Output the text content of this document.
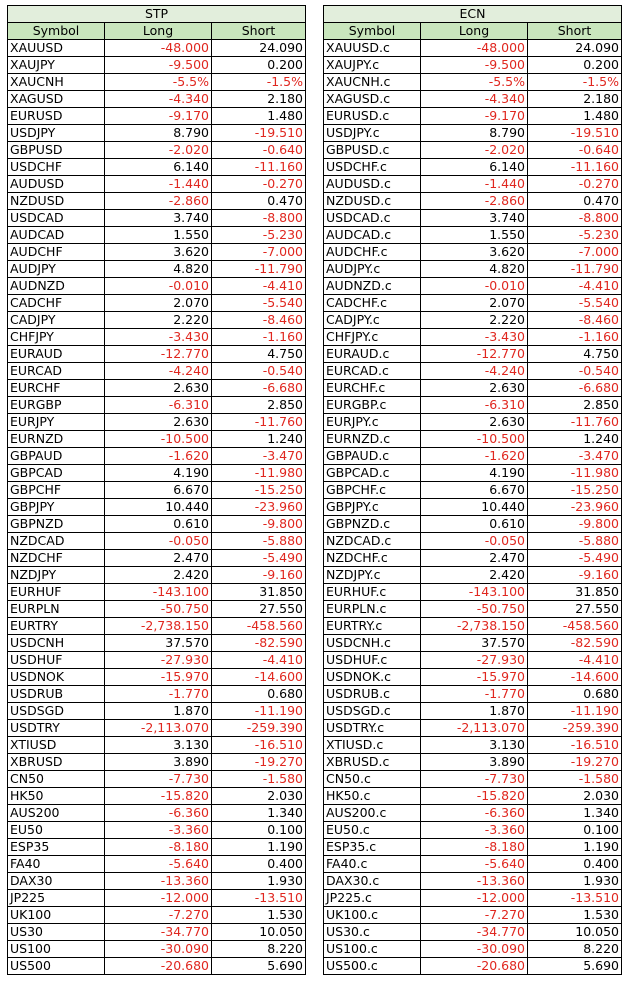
STP		
Symbol	Long	Short
XAUUSD	-48.000	24.090
XAUJPY	-9.500	0.200
XAUCNH	-5.5%	-1.5%
XAGUSD	-4.340	2.180
EURUSD	-9.170	1.480
USDJPY	8.790	-19.510
GBPUSD	-2.020	-0.640
USDCHF	6.140	-11.160
AUDUSD	-1.440	-0.270
NZDUSD	-2.860	0.470
USDCAD	3.740	-8.800
AUDCAD	1.550	-5.230
AUDCHF	3.620	-7.000
AUDJPY	4.820	-11.790
AUDNZD	-0.010	-4.410
CADCHF	2.070	-5.540
CADJPY	2.220	-8.460
CHFJPY	-3.430	-1.160
EURAUD	-12.770	4.750
EURCAD	-4.240	-0.540
EURCHF	2.630	-6.680
EURGBP	-6.310	2.850
EURJPY	2.630	-11.760
EURNZD	-10.500	1.240
GBPAUD	-1.620	-3.470
GBPCAD	4.190	-11.980
GBPCHF	6.670	-15.250
GBPJPY	10.440	-23.960
GBPNZD	0.610	-9.800
NZDCAD	-0.050	-5.880
NZDCHF	2.470	-5.490
NZDJPY	2.420	-9.160
EURHUF	-143.100	31.850
EURPLN	-50.750	27.550
EURTRY	-2,738.150	-458.560
USDCNH	37.570	-82.590
USDHUF	-27.930	-4.410
USDNOK	-15.970	-14.600
USDRUB	-1.770	0.680
USDSGD	1.870	-11.190
USDTRY	-2,113.070	-259.390
XTIUSD	3.130	-16.510
XBRUSD	3.890	-19.270
CN50	-7.730	-1.580
HK50	-15.820	2.030
AUS200	-6.360	1.340
EU50	-3.360	0.100
ESP35	-8.180	1.190
FA40	-5.640	0.400
DAX30	-13.360	1.930
JP225	-12.000	-13.510
UK100	-7.270	1.530
US30	-34.770	10.050
US100	-30.090	8.220
US500	-20.680	5.690
ECN		
Symbol	Long	Short
XAUUSD.c	-48.000	24.090
XAUJPY.c	-9.500	0.200
XAUCNH.c	-5.5%	-1.5%
XAGUSD.c	-4.340	2.180
EURUSD.c	-9.170	1.480
USDJPY.c	8.790	-19.510
GBPUSD.c	-2.020	-0.640
USDCHF.c	6.140	-11.160
AUDUSD.c	-1.440	-0.270
NZDUSD.c	-2.860	0.470
USDCAD.c	3.740	-8.800
AUDCAD.c	1.550	-5.230
AUDCHF.c	3.620	-7.000
AUDJPY.c	4.820	-11.790
AUDNZD.c	-0.010	-4.410
CADCHF.c	2.070	-5.540
CADJPY.c	2.220	-8.460
CHFJPY.c	-3.430	-1.160
EURAUD.c	-12.770	4.750
EURCAD.c	-4.240	-0.540
EURCHF.c	2.630	-6.680
EURGBP.c	-6.310	2.850
EURJPY.c	2.630	-11.760
EURNZD.c	-10.500	1.240
GBPAUD.c	-1.620	-3.470
GBPCAD.c	4.190	-11.980
GBPCHF.c	6.670	-15.250
GBPJPY.c	10.440	-23.960
GBPNZD.c	0.610	-9.800
NZDCAD.c	-0.050	-5.880
NZDCHF.c	2.470	-5.490
NZDJPY.c	2.420	-9.160
EURHUF.c	-143.100	31.850
EURPLN.c	-50.750	27.550
EURTRY.c	-2,738.150	-458.560
USDCNH.c	37.570	-82.590
USDHUF.c	-27.930	-4.410
USDNOK.c	-15.970	-14.600
USDRUB.c	-1.770	0.680
USDSGD.c	1.870	-11.190
USDTRY.c	-2,113.070	-259.390
XTIUSD.c	3.130	-16.510
XBRUSD.c	3.890	-19.270
CN50.c	-7.730	-1.580
HK50.c	-15.820	2.030
AUS200.c	-6.360	1.340
EU50.c	-3.360	0.100
ESP35.c	-8.180	1.190
FA40.c	-5.640	0.400
DAX30.c	-13.360	1.930
JP225.c	-12.000	-13.510
UK100.c	-7.270	1.530
US30.c	-34.770	10.050
US100.c	-30.090	8.220
US500.c	-20.680	5.690
